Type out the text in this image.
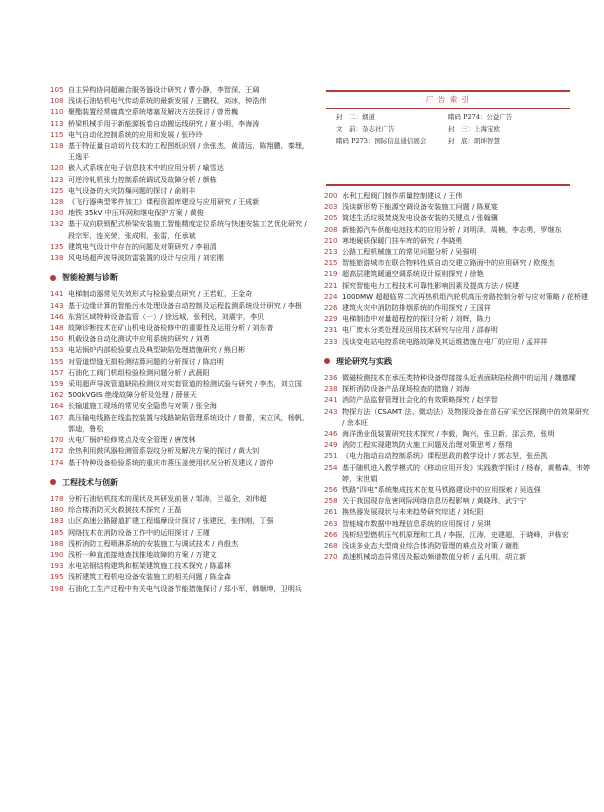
105 自主异构协同超融合服务器设计研究 / 曹小静，李智深，王阔
108 浅谈石油钻机电气传动系统的最新发展 / 王鹏权，刘冰，钟浩伟
110 聚酯装置经常腐真空系统堵塞及解决方法探讨 / 曾贵巍
113 桥梁机械手用于新能源板卷自动搬运线研究 / 夏小明，李海涛
115 电气自动化控制系统的应用和发展 / 张玲玲
118 基于特征量自动切片技术的工程图纸识别 / 余张杰，黄清远，陈翔鹏，秦理，王逸平
120 嵌入式系统在电子信息技术中的应用分析 / 喻雪达
123 可逆冷轧机张力控制系统调试及故障分析 / 颜栋
125 电气设备的火灾防爆问题的探讨 / 俞则丰
128 《飞行器典型零件加工》课程资源库建设与应用研究 / 王成新
130 地铁 35kV 中压环网和继电保护方案 / 黄俊
132 基于双向联锁配式桥梁安装施工智能精度定位系统与快速安装工艺优化研究 / 段宗军，连光荣，张成明，张雷，任承斌
135 建筑电气设计中存在的问题及对策研究 / 李祖清
138 风电场超声波导波防雷装置的设计与应用 / 刘宏刚
智能检测与诊断
141 电梯制动器常见失效形式与检验要点研究 / 王若虹，王金奇
143 基于边缘计算的智能污水处理设备自动控制及运程监测系统设计研究 / 李根
146 东营区域特种设备监管（一）/ 徐远城，张利民，刘震宇，李贝
148 故障诊断技术在矿山机电设备检修中的重要性及运用分析 / 刘东普
150 机载设备自动化测试中应用系统的研究 / 刘勇
153 电站锅炉内部检验要点及典型缺陷处理措施研究 / 熊日彬
155 对管道焊缝无损检测结算问题的分析探讨 / 陈启明
157 石油化工阀门机组检验检测问题分析 / 武晨阳
159 采用超声导波管道缺陷检测仪对实套管道的检测试验与研究 / 李杰，刘立国
162 500kVGIS 绝缘故障分析及处理 / 薛景天
164 长输道施工现场的常见安全隐患与对策 / 张全海
167 高压输电线路在线监控装置与线路缺陷管理系统设计 / 曾蕾，宋立风，杨帆，郭迪，鲁松
170 火电厂锅炉检修常点及安全管理 / 唐茂林
172 余热利用鼓风器检测管系裂纹分析及解决方案的探讨 / 黄大钊
174 基于特种设备检验系统的重庆市燕压釜使用状况分析及建议 / 游仲
工程技术与创新
178 分析石油钻机技术的现状及其研发前景 / 邹涛，兰福全，刘伟超
180 综合楼消防灭火救援技术探究 / 王磊
183 山区高速公路隧道扩建工程塌摩设计探讨 / 张建民，张伟刚，丁强
185 网络技术在消防设备工作中的运用探讨 / 王瑾
188 浅析消防工程喷淋系统的安装施工与调试技术 / 肖殷杰
190 浅析一种直流接地查找推地故障的方案 / 万建文
193 水电站钢结构建筑和框架建筑施工技术探究 / 陈嘉林
195 浅析建筑工程机电设备安装施工的相关问题 / 陈金森
198 石油化工生产过程中有关电气设备节能措施探讨 / 郑小军，韩顺坤，卫明兵
广 告 索 引
封　二：烟道	睹码 P274：公益广告
文　前：杂志社广告	封　三：上海宝欧
睹码 P273：国际信息通信展会	封　底：朗坤智慧
200 水利工程阀门制作质量控制建议 / 王伟
203 浅谈新形势下能源空调设备安装施工问题 / 陈夏宴
205 简述生活垃圾焚烧发电设备安装的关键点 / 张翰骥
208 新能源汽车供能电池技术的应用分析 / 刘明泽，周楠，李志勇，罗继东
210 寒地硬质保暖门挂车库的研究 / 李晓勇
213 公路工程机械施工的常见问题分析 / 吴强明
215 智能旅游城市在联合物料性质自动交建立路面中的应用研究 / 欧俊杰
219 超高层建筑暖通空调系统设计原则探究 / 徐艳
221 探究智能电力工程技术可靠性影响因素及提高方法 / 侯建
224 1000MW 超超临界二次再热机组汽轮机高压旁路控制分析与应对策略 / 花桥建
226 建筑火灾中消防防排烟系统的作用探究 / 王国祥
229 电梯制造中对量超程控的探讨分析 / 刘辉，陈力
231 电厂废水分类处理及回用技术研究与应用 / 邵春明
233 浅谈变电站电控系统电路故障及其运维措施在电厂的应用 / 孟祥祥
理论研究与实践
236 微磁检测技术在承压类特种设备焊接接头近表面缺陷检测中的运用 / 魏德耀
238 探析消防设备产品现场检查的措施 / 刘海
241 消防产品监督管理社会化的有效策略探究 / 赵学智
243 物探方法（CSAMT 法、微动法）及物探设备在苗石矿采空区探测中的效果研究 / 余本旺
246 海洋渔业低装置研究技术探究 / 李毅，陶兴，张卫新，邵云亮，张明
249 消防工程实现建筑防火施工问题及治理对策思考 / 蔡翔
251 《电力拖动自动控制系统》课程思政的教学设计 / 郭志坚，张岳凯
254 基于随机进入教学模式的《移动应用开发》实践教学探讨 / 杨春，黄楷森，韦婷婷，宋世娟
256 铁路“四电”系统集成技术在复马铁路建设中的应用探索 / 吴选强
258 关于我国现存危害网际网络信息历程影响 / 黄晓玮，武宁宁
261 换热器发展现状与未来趋势研究综述 / 刘纪阳
263 智能城市数据中地理信息系统的应用探讨 / 吴琪
266 浅析轻型燃机压气机原理和工具 / 李振，江涛，史建超，于晓峰，尹栋宏
268 浅谈多业态大型商业综合体消防管理的难点及对策 / 谢胜
270 高速机械动态异常因及振动频谱数值分析 / 孟凡明，胡立新
